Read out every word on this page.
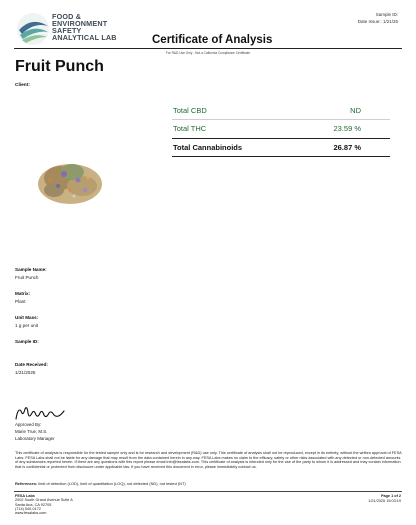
FOOD &
ENVIRONMENT
SAFETY
ANALYTICAL LAB
Sample ID:
Date Issue:: 1/21/25
Certificate of Analysis
For R&D Use Only - Not a California Compliance Certificate
Fruit Punch
Client:
Total CBD	ND
Total THC	23.59 %
Total Cannabinoids	26.87 %
Sample Name:
Fruit Punch
Matrix:
Plant
Unit Mass:
1 g per unit
Sample ID:
Date Received:
1/21/2025
Approved By:
Marie True, M.S.
Laboratory Manager
This certificate of analysis is responsible for the tested sample only and is for research and development (R&D) use only. This certificate of analysis shall not be reproduced, except in its entirety, without the written approval of FESA Labs. FESA Labs shall not be liable for any damage that may result from the data contained herein in any way. FESA Labs makes no claim to the efficacy, safety or other risks associated with any detected or non-detected amounts of any substances reported herein. If there are any questions with this report please email info@fesalabs.com. This certificate of analysis is intended only for the use of the party to whom it is addressed and may contain information that is confidential or protected from disclosure under applicable law. If you have received this document in error, please immediately contact us.
References: limit of detection (LOD), limit of quantitation (LOQ), not detected (ND), not tested (NT)
FESA Labs
2002 South Grand Avenue Suite A
Santa Ana, CA 92705
(714) 540-0172
www.fesalabs.com
Page 1 of 2
1/21/2025 15:03:19
